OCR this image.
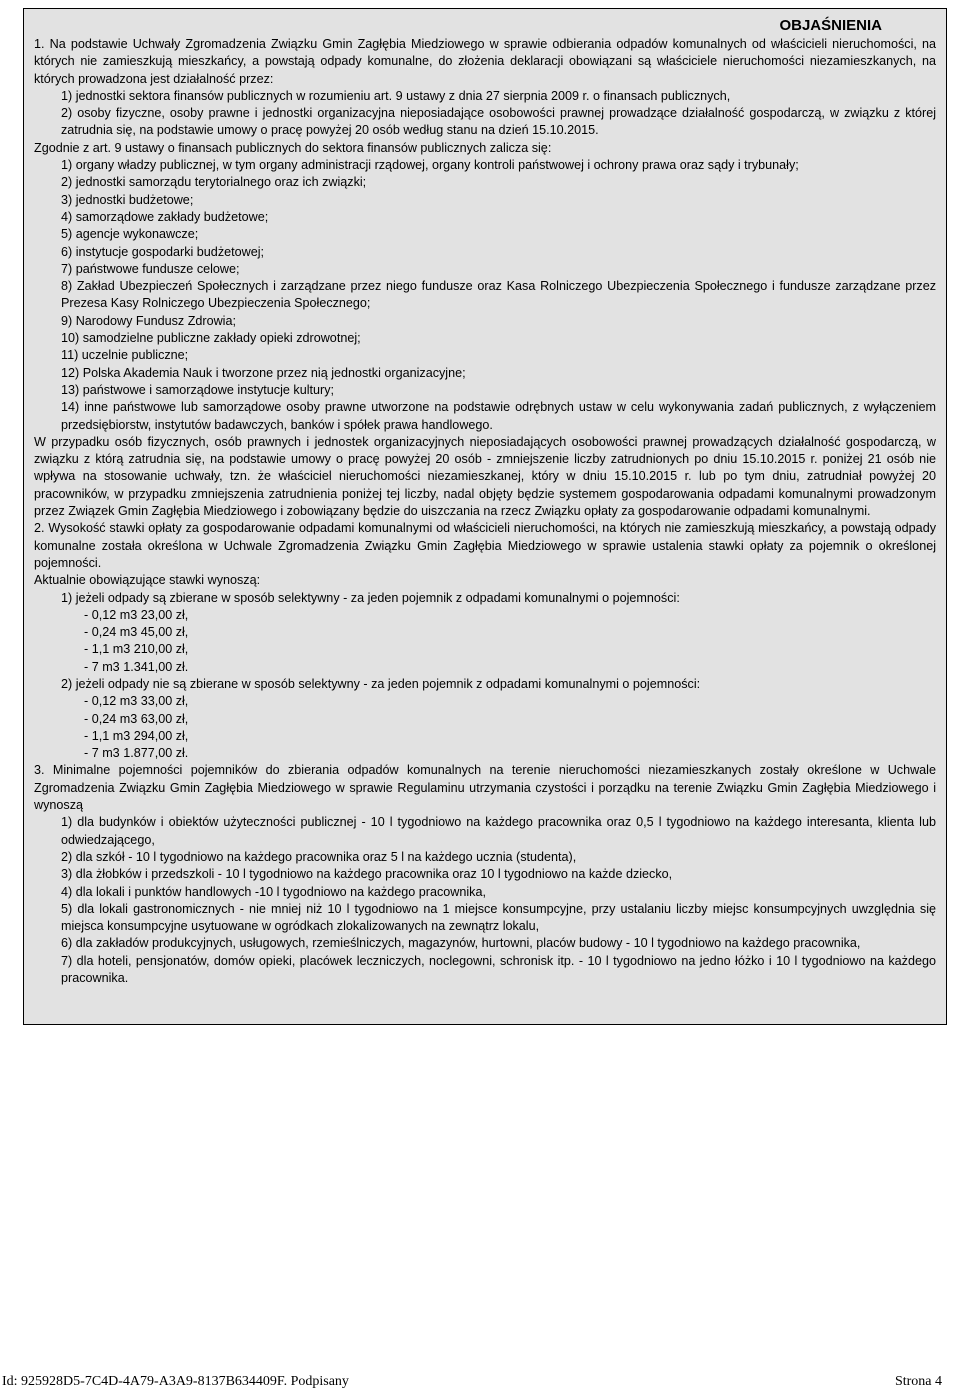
OBJAŚNIENIA

1. Na podstawie Uchwały Zgromadzenia Związku Gmin Zagłębia Miedziowego w sprawie odbierania odpadów komunalnych od właścicieli nieruchomości, na których nie zamieszkują mieszkańcy, a powstają odpady komunalne, do złożenia deklaracji obowiązani są właściciele nieruchomości niezamieszkanych, na których prowadzona jest działalność przez:

1) jednostki sektora finansów publicznych w rozumieniu art. 9 ustawy z dnia 27 sierpnia 2009 r. o finansach publicznych,

2) osoby fizyczne, osoby prawne i jednostki organizacyjna nieposiadające osobowości prawnej prowadzące działalność gospodarczą, w związku z której zatrudnia się, na podstawie umowy o pracę powyżej 20 osób według stanu na dzień 15.10.2015.

Zgodnie z art. 9 ustawy o finansach publicznych do sektora finansów publicznych zalicza się:

1) organy władzy publicznej, w tym organy administracji rządowej, organy kontroli państwowej i ochrony prawa oraz sądy i trybunały;

2) jednostki samorządu terytorialnego oraz ich związki;

3) jednostki budżetowe;

4) samorządowe zakłady budżetowe;

5) agencje wykonawcze;

6) instytucje gospodarki budżetowej;

7) państwowe fundusze celowe;

8) Zakład Ubezpieczeń Społecznych i zarządzane przez niego fundusze oraz Kasa Rolniczego Ubezpieczenia Społecznego i fundusze zarządzane przez Prezesa Kasy Rolniczego Ubezpieczenia Społecznego;

9) Narodowy Fundusz Zdrowia;

10) samodzielne publiczne zakłady opieki zdrowotnej;

11) uczelnie publiczne;

12) Polska Akademia Nauk i tworzone przez nią jednostki organizacyjne;

13) państwowe i samorządowe instytucje kultury;

14) inne państwowe lub samorządowe osoby prawne utworzone na podstawie odrębnych ustaw w celu wykonywania zadań publicznych, z wyłączeniem przedsiębiorstw, instytutów badawczych, banków i spółek prawa handlowego.

W przypadku osób fizycznych, osób prawnych i jednostek organizacyjnych nieposiadających osobowości prawnej prowadzących działalność gospodarczą, w związku z którą zatrudnia się, na podstawie umowy o pracę powyżej 20 osób - zmniejszenie liczby zatrudnionych po dniu 15.10.2015 r. poniżej 21 osób nie wpływa na stosowanie uchwały, tzn. że właściciel nieruchomości niezamieszkanej, który w dniu 15.10.2015 r. lub po tym dniu, zatrudniał powyżej 20 pracowników, w przypadku zmniejszenia zatrudnienia poniżej tej liczby, nadal objęty będzie systemem gospodarowania odpadami komunalnymi prowadzonym przez Związek Gmin Zagłębia Miedziowego i zobowiązany będzie do uiszczania na rzecz Związku opłaty za gospodarowanie odpadami komunalnymi.

2. Wysokość stawki opłaty za gospodarowanie odpadami komunalnymi od właścicieli nieruchomości, na których nie zamieszkują mieszkańcy, a powstają odpady komunalne została określona w Uchwale Zgromadzenia Związku Gmin Zagłębia Miedziowego w sprawie ustalenia stawki opłaty za pojemnik o określonej pojemności.

Aktualnie obowiązujące stawki wynoszą:

1) jeżeli odpady są zbierane w sposób selektywny - za jeden pojemnik z odpadami komunalnymi o pojemności:

- 0,12 m3 23,00 zł,

- 0,24 m3 45,00 zł,

- 1,1 m3 210,00 zł,

- 7 m3 1.341,00 zł.

2) jeżeli odpady nie są zbierane w sposób selektywny - za jeden pojemnik z odpadami komunalnymi o pojemności:

- 0,12 m3 33,00 zł,

- 0,24 m3 63,00 zł,

- 1,1 m3 294,00 zł,

- 7 m3 1.877,00 zł.

3. Minimalne pojemności pojemników do zbierania odpadów komunalnych na terenie nieruchomości niezamieszkanych zostały określone w Uchwale Zgromadzenia Związku Gmin Zagłębia Miedziowego w sprawie Regulaminu utrzymania czystości i porządku na terenie Związku Gmin Zagłębia Miedziowego i wynoszą

1) dla budynków i obiektów użyteczności publicznej - 10 l tygodniowo na każdego pracownika oraz 0,5 l tygodniowo na każdego interesanta, klienta lub odwiedzającego,

2) dla szkół - 10 l tygodniowo na każdego pracownika oraz 5 l na każdego ucznia (studenta),

3) dla żłobków i przedszkoli - 10 l tygodniowo na każdego pracownika oraz 10 l tygodniowo na każde dziecko,

4) dla lokali i punktów handlowych -10 l tygodniowo na każdego pracownika,

5) dla lokali gastronomicznych - nie mniej niż 10 l tygodniowo na 1 miejsce konsumpcyjne, przy ustalaniu liczby miejsc konsumpcyjnych uwzględnia się miejsca konsumpcyjne usytuowane w ogródkach zlokalizowanych na zewnątrz lokalu,

6) dla zakładów produkcyjnych, usługowych, rzemieślniczych, magazynów, hurtowni, placów budowy - 10 l tygodniowo na każdego pracownika,

7) dla hoteli, pensjonatów, domów opieki, placówek leczniczych, noclegowni, schronisk itp. - 10 l tygodniowo na jedno łóżko i 10 l tygodniowo na każdego pracownika.

Id: 925928D5-7C4D-4A79-A3A9-8137B634409F. Podpisany	Strona 4
